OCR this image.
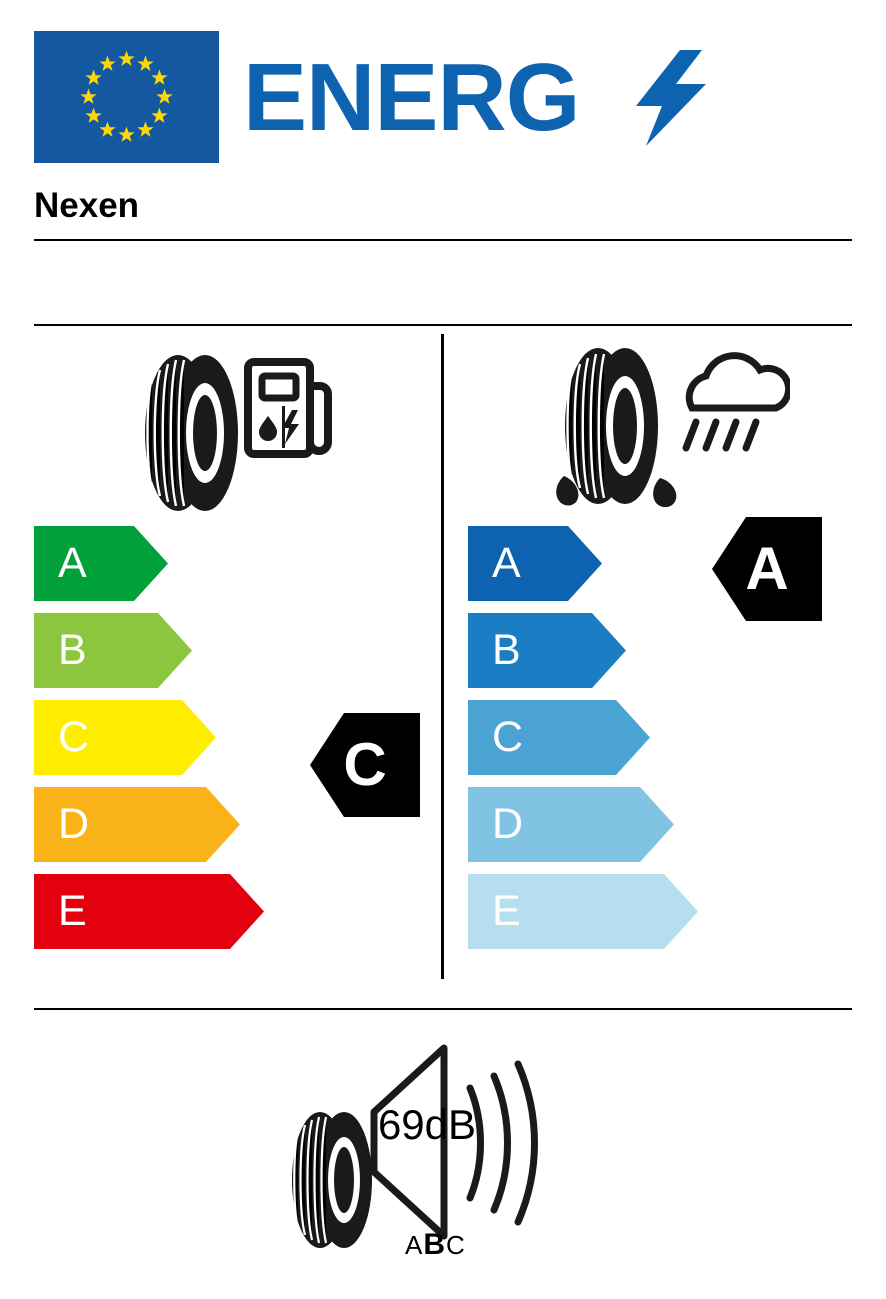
ENERG
Nexen
A
B
C
D
E
A
B
C
D
E
C
A
69dB
ABC
